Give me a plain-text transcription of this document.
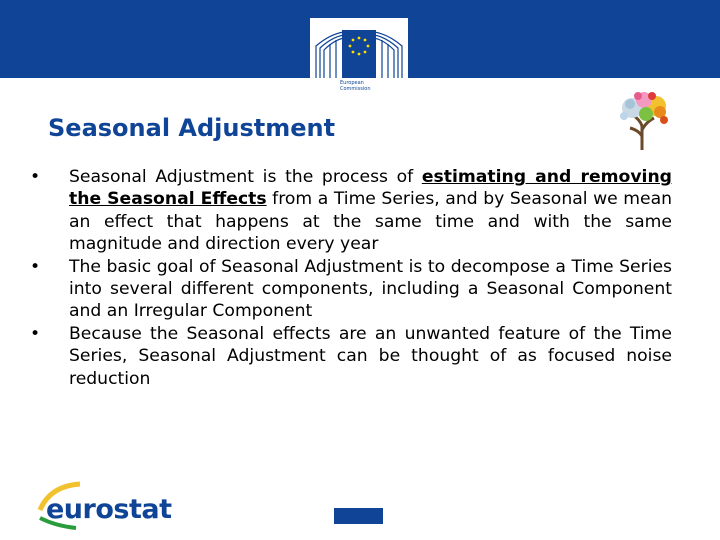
European
Commission
Seasonal Adjustment
•	Seasonal Adjustment is the process of estimating and removing the Seasonal Effects from a Time Series, and by Seasonal we mean an effect that happens at the same time and with the same magnitude and direction every year
•	The basic goal of Seasonal Adjustment is to decompose a Time Series into several different components, including a Seasonal Component and an Irregular Component
•	Because the Seasonal effects are an unwanted feature of the Time Series, Seasonal Adjustment can be thought of as focused noise reduction
eurostat
